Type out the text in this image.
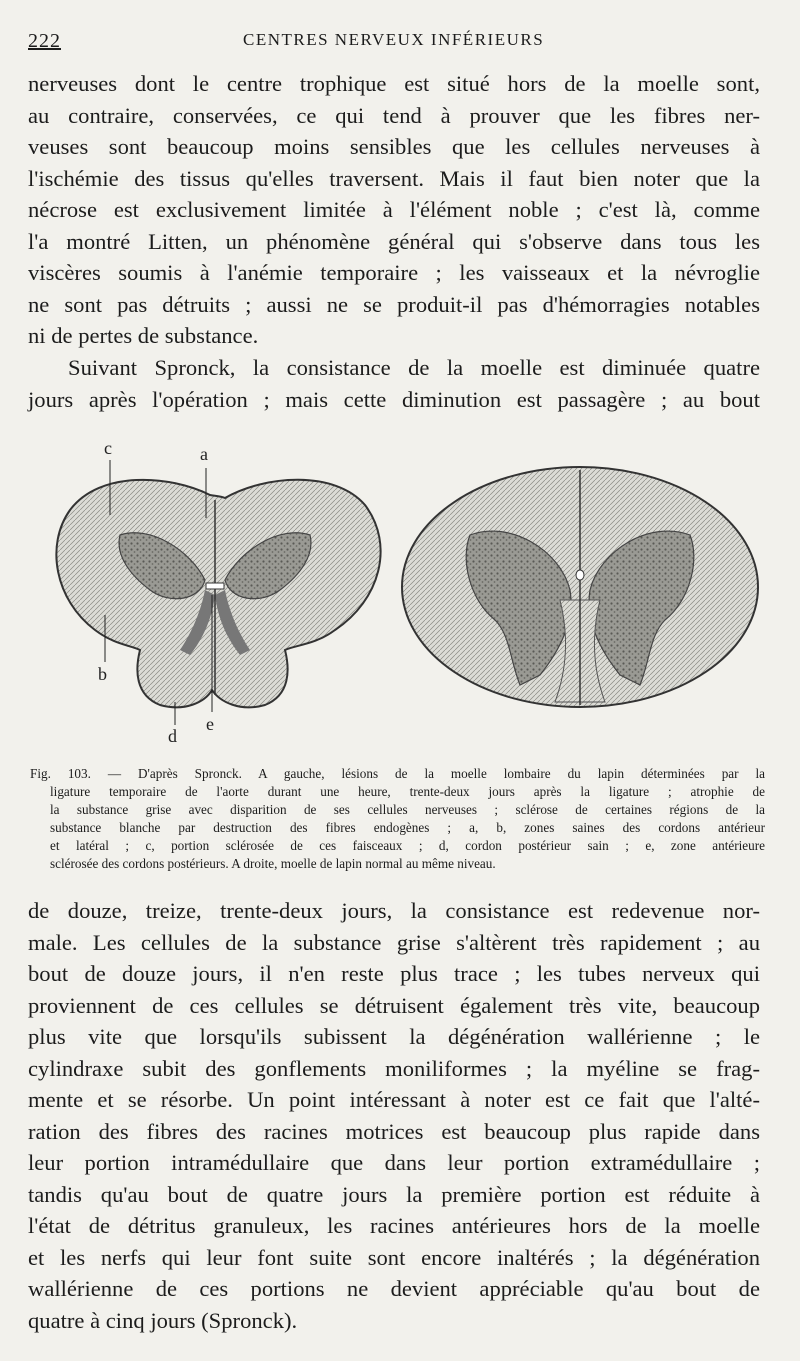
222	CENTRES NERVEUX INFÉRIEURS

nerveuses dont le centre trophique est situé hors de la moelle sont,
au contraire, conservées, ce qui tend à prouver que les fibres ner-
veuses sont beaucoup moins sensibles que les cellules nerveuses à
l'ischémie des tissus qu'elles traversent. Mais il faut bien noter que la
nécrose est exclusivement limitée à l'élément noble ; c'est là, comme
l'a montré Litten, un phénomène général qui s'observe dans tous les
viscères soumis à l'anémie temporaire ; les vaisseaux et la névroglie
ne sont pas détruits ; aussi ne se produit-il pas d'hémorragies notables
ni de pertes de substance.

Suivant Spronck, la consistance de la moelle est diminuée quatre
jours après l'opération ; mais cette diminution est passagère ; au bout

c	a
b
d
e
Fig. 103. — D'après Spronck. A gauche, lésions de la moelle lombaire du lapin déterminées par la
ligature temporaire de l'aorte durant une heure, trente-deux jours après la ligature ; atrophie de
la substance grise avec disparition de ses cellules nerveuses ; sclérose de certaines régions de la
substance blanche par destruction des fibres endogènes ; a, b, zones saines des cordons antérieur
et latéral ; c, portion sclérosée de ces faisceaux ; d, cordon postérieur sain ; e, zone antérieure
sclérosée des cordons postérieurs. A droite, moelle de lapin normal au même niveau.

de douze, treize, trente-deux jours, la consistance est redevenue nor-
male. Les cellules de la substance grise s'altèrent très rapidement ; au
bout de douze jours, il n'en reste plus trace ; les tubes nerveux qui
proviennent de ces cellules se détruisent également très vite, beaucoup
plus vite que lorsqu'ils subissent la dégénération wallérienne ; le
cylindraxe subit des gonflements moniliformes ; la myéline se frag-
mente et se résorbe. Un point intéressant à noter est ce fait que l'alté-
ration des fibres des racines motrices est beaucoup plus rapide dans
leur portion intramédullaire que dans leur portion extramédullaire ;
tandis qu'au bout de quatre jours la première portion est réduite à
l'état de détritus granuleux, les racines antérieures hors de la moelle
et les nerfs qui leur font suite sont encore inaltérés ; la dégénération
wallérienne de ces portions ne devient appréciable qu'au bout de
quatre à cinq jours (Spronck).
